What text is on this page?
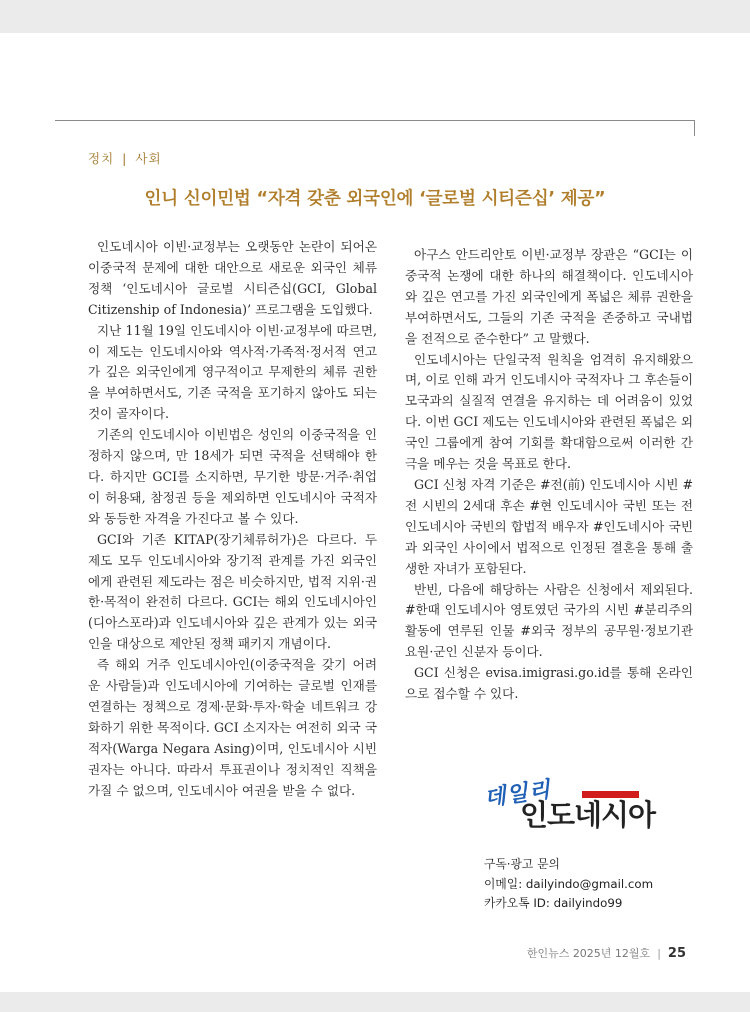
정치 | 사회
인니 신이민법 “자격 갖춘 외국인에 ‘글로벌 시티즌십’ 제공”

인도네시아 이빈·교정부는 오랫동안 논란이 되어온 이중국적 문제에 대한 대안으로 새로운 외국인 체류 정책 ‘인도네시아 글로벌 시티즌십(GCI, Global Citizenship of Indonesia)’ 프로그램을 도입했다.

지난 11월 19일 인도네시아 이빈·교정부에 따르면, 이 제도는 인도네시아와 역사적·가족적·정서적 연고가 깊은 외국인에게 영구적이고 무제한의 체류 권한을 부여하면서도, 기존 국적을 포기하지 않아도 되는 것이 골자이다.

기존의 인도네시아 이빈법은 성인의 이중국적을 인정하지 않으며, 만 18세가 되면 국적을 선택해야 한다. 하지만 GCI를 소지하면, 무기한 방문·거주·취업이 허용돼, 참정권 등을 제외하면 인도네시아 국적자와 동등한 자격을 가진다고 볼 수 있다.

GCI와 기존 KITAP(장기체류허가)은 다르다. 두 제도 모두 인도네시아와 장기적 관계를 가진 외국인에게 관련된 제도라는 점은 비슷하지만, 법적 지위·권한·목적이 완전히 다르다. GCI는 해외 인도네시아인(디아스포라)과 인도네시아와 깊은 관계가 있는 외국인을 대상으로 제안된 정책 패키지 개념이다.

즉 해외 거주 인도네시아인(이중국적을 갖기 어려운 사람들)과 인도네시아에 기여하는 글로벌 인재를 연결하는 정책으로 경제·문화·투자·학술 네트워크 강화하기 위한 목적이다. GCI 소지자는 여전히 외국 국적자(Warga Negara Asing)이며, 인도네시아 시빈권자는 아니다. 따라서 투표권이나 정치적인 직책을 가질 수 없으며, 인도네시아 여권을 받을 수 없다.

아구스 안드리안토 이빈·교정부 장관은 “GCI는 이중국적 논쟁에 대한 하나의 해결책이다. 인도네시아와 깊은 연고를 가진 외국인에게 폭넓은 체류 권한을 부여하면서도, 그들의 기존 국적을 존중하고 국내법을 전적으로 준수한다” 고 말했다.

인도네시아는 단일국적 원칙을 엄격히 유지해왔으며, 이로 인해 과거 인도네시아 국적자나 그 후손들이 모국과의 실질적 연결을 유지하는 데 어려움이 있었다. 이번 GCI 제도는 인도네시아와 관련된 폭넓은 외국인 그룹에게 참여 기회를 확대함으로써 이러한 간극을 메우는 것을 목표로 한다.

GCI 신청 자격 기준은 #전(前) 인도네시아 시빈 #전 시빈의 2세대 후손 #현 인도네시아 국빈 또는 전 인도네시아 국빈의 합법적 배우자 #인도네시아 국빈과 외국인 사이에서 법적으로 인정된 결혼을 통해 출생한 자녀가 포함된다.

반빈, 다음에 해당하는 사람은 신청에서 제외된다. #한때 인도네시아 영토였던 국가의 시빈 #분리주의 활동에 연루된 인물 #외국 정부의 공무원·정보기관 요원·군인 신분자 등이다.

GCI 신청은 evisa.imigrasi.go.id를 통해 온라인으로 접수할 수 있다.

데일리
인도네시아
구독·광고 문의
이메일: dailyindo@gmail.com
카카오톡 ID: dailyindo99
한인뉴스 2025년 12월호 | 25
